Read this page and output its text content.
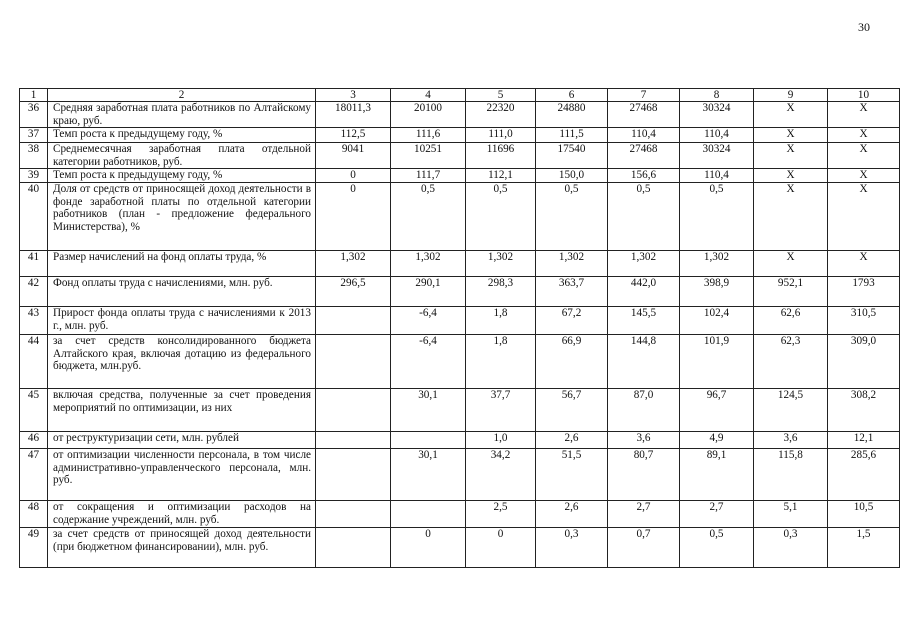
30
1	2	3	4	5	6	7	8	9	10
36	Средняя заработная плата работников по Алтайскому краю, руб.	18011,3	20100	22320	24880	27468	30324	Х	Х
37	Темп роста к предыдущему году, %	112,5	111,6	111,0	111,5	110,4	110,4	Х	Х
38	Среднемесячная заработная плата отдельной категории работников, руб.	9041	10251	11696	17540	27468	30324	Х	Х
39	Темп роста к предыдущему году, %	0	111,7	112,1	150,0	156,6	110,4	Х	Х
40	Доля от средств от приносящей доход деятельности в фонде заработной платы по отдельной категории работников (план - предложение федерального Министерства), %	0	0,5	0,5	0,5	0,5	0,5	Х	Х
41	Размер начислений на фонд оплаты труда, %	1,302	1,302	1,302	1,302	1,302	1,302	Х	Х
42	Фонд оплаты труда с начислениями, млн. руб.	296,5	290,1	298,3	363,7	442,0	398,9	952,1	1793
43	Прирост фонда оплаты труда с начислениями к 2013 г., млн. руб.		-6,4	1,8	67,2	145,5	102,4	62,6	310,5
44	за счет средств консолидированного бюджета Алтайского края, включая дотацию из федерального бюджета, млн.руб.		-6,4	1,8	66,9	144,8	101,9	62,3	309,0
45	включая средства, полученные за счет проведения мероприятий по оптимизации, из них		30,1	37,7	56,7	87,0	96,7	124,5	308,2
46	от реструктуризации сети, млн. рублей			1,0	2,6	3,6	4,9	3,6	12,1
47	от оптимизации численности персонала, в том числе административно-управленческого персонала, млн. руб.		30,1	34,2	51,5	80,7	89,1	115,8	285,6
48	от сокращения и оптимизации расходов на содержание учреждений, млн. руб.			2,5	2,6	2,7	2,7	5,1	10,5
49	за счет средств от приносящей доход деятельности (при бюджетном финансировании), млн. руб.		0	0	0,3	0,7	0,5	0,3	1,5
